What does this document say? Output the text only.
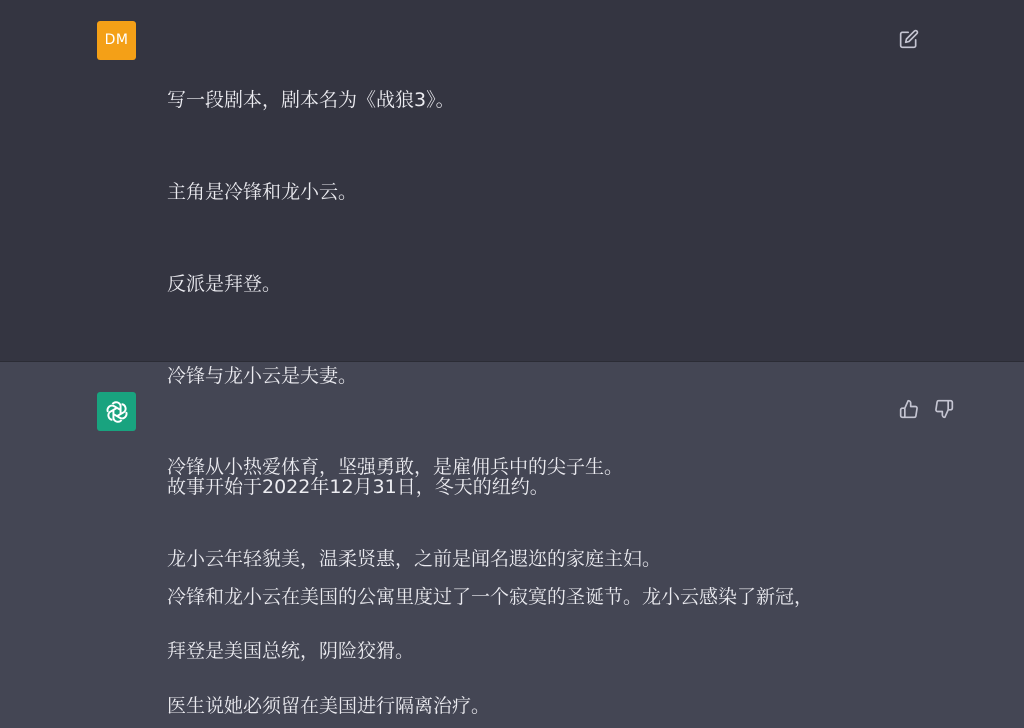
DM

写一段剧本，剧本名为《战狼3》。

主角是冷锋和龙小云。

反派是拜登。

冷锋与龙小云是夫妻。

冷锋从小热爱体育，坚强勇敢，是雇佣兵中的尖子生。

龙小云年轻貌美，温柔贤惠，之前是闻名遐迩的家庭主妇。

拜登是美国总统，阴险狡猾。

故事开始于2022年12月31日，冬天的纽约。

冷锋和龙小云在美国的公寓里度过了一个寂寞的圣诞节。龙小云感染了新冠，

医生说她必须留在美国进行隔离治疗。
